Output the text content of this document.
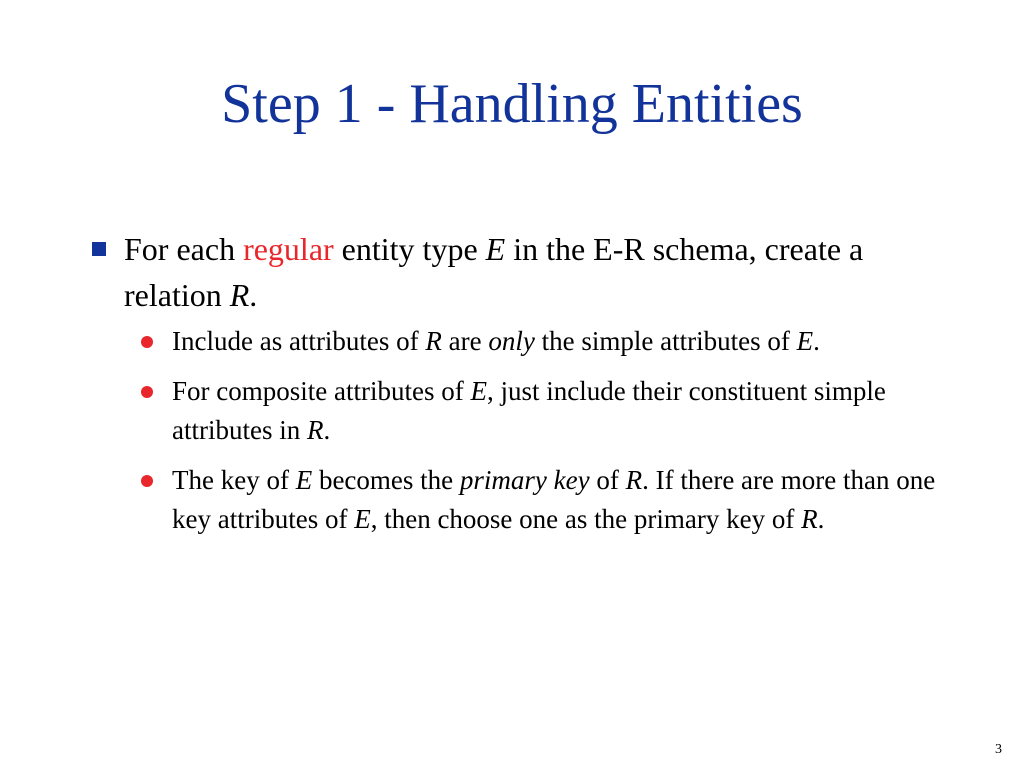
Step 1 - Handling Entities
For each regular entity type E in the E-R schema, create a relation R.
Include as attributes of R are only the simple attributes of E.
For composite attributes of E, just include their constituent simple attributes in R.
The key of E becomes the primary key of R. If there are more than one key attributes of E, then choose one as the primary key of R.
3
